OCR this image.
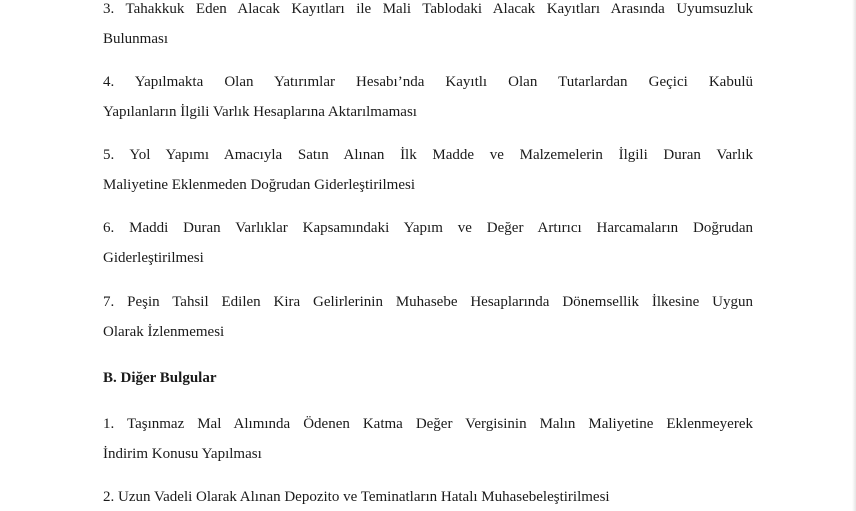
3. Tahakkuk Eden Alacak Kayıtları ile Mali Tablodaki Alacak Kayıtları Arasında Uyumsuzluk

Bulunması

4. Yapılmakta Olan Yatırımlar Hesabı’nda Kayıtlı Olan Tutarlardan Geçici Kabulü

Yapılanların İlgili Varlık Hesaplarına Aktarılmaması

5. Yol Yapımı Amacıyla Satın Alınan İlk Madde ve Malzemelerin İlgili Duran Varlık

Maliyetine Eklenmeden Doğrudan Giderleştirilmesi

6. Maddi Duran Varlıklar Kapsamındaki Yapım ve Değer Artırıcı Harcamaların Doğrudan

Giderleştirilmesi

7. Peşin Tahsil Edilen Kira Gelirlerinin Muhasebe Hesaplarında Dönemsellik İlkesine Uygun

Olarak İzlenmemesi

B. Diğer Bulgular

1. Taşınmaz Mal Alımında Ödenen Katma Değer Vergisinin Malın Maliyetine Eklenmeyerek

İndirim Konusu Yapılması

2. Uzun Vadeli Olarak Alınan Depozito ve Teminatların Hatalı Muhasebeleştirilmesi
